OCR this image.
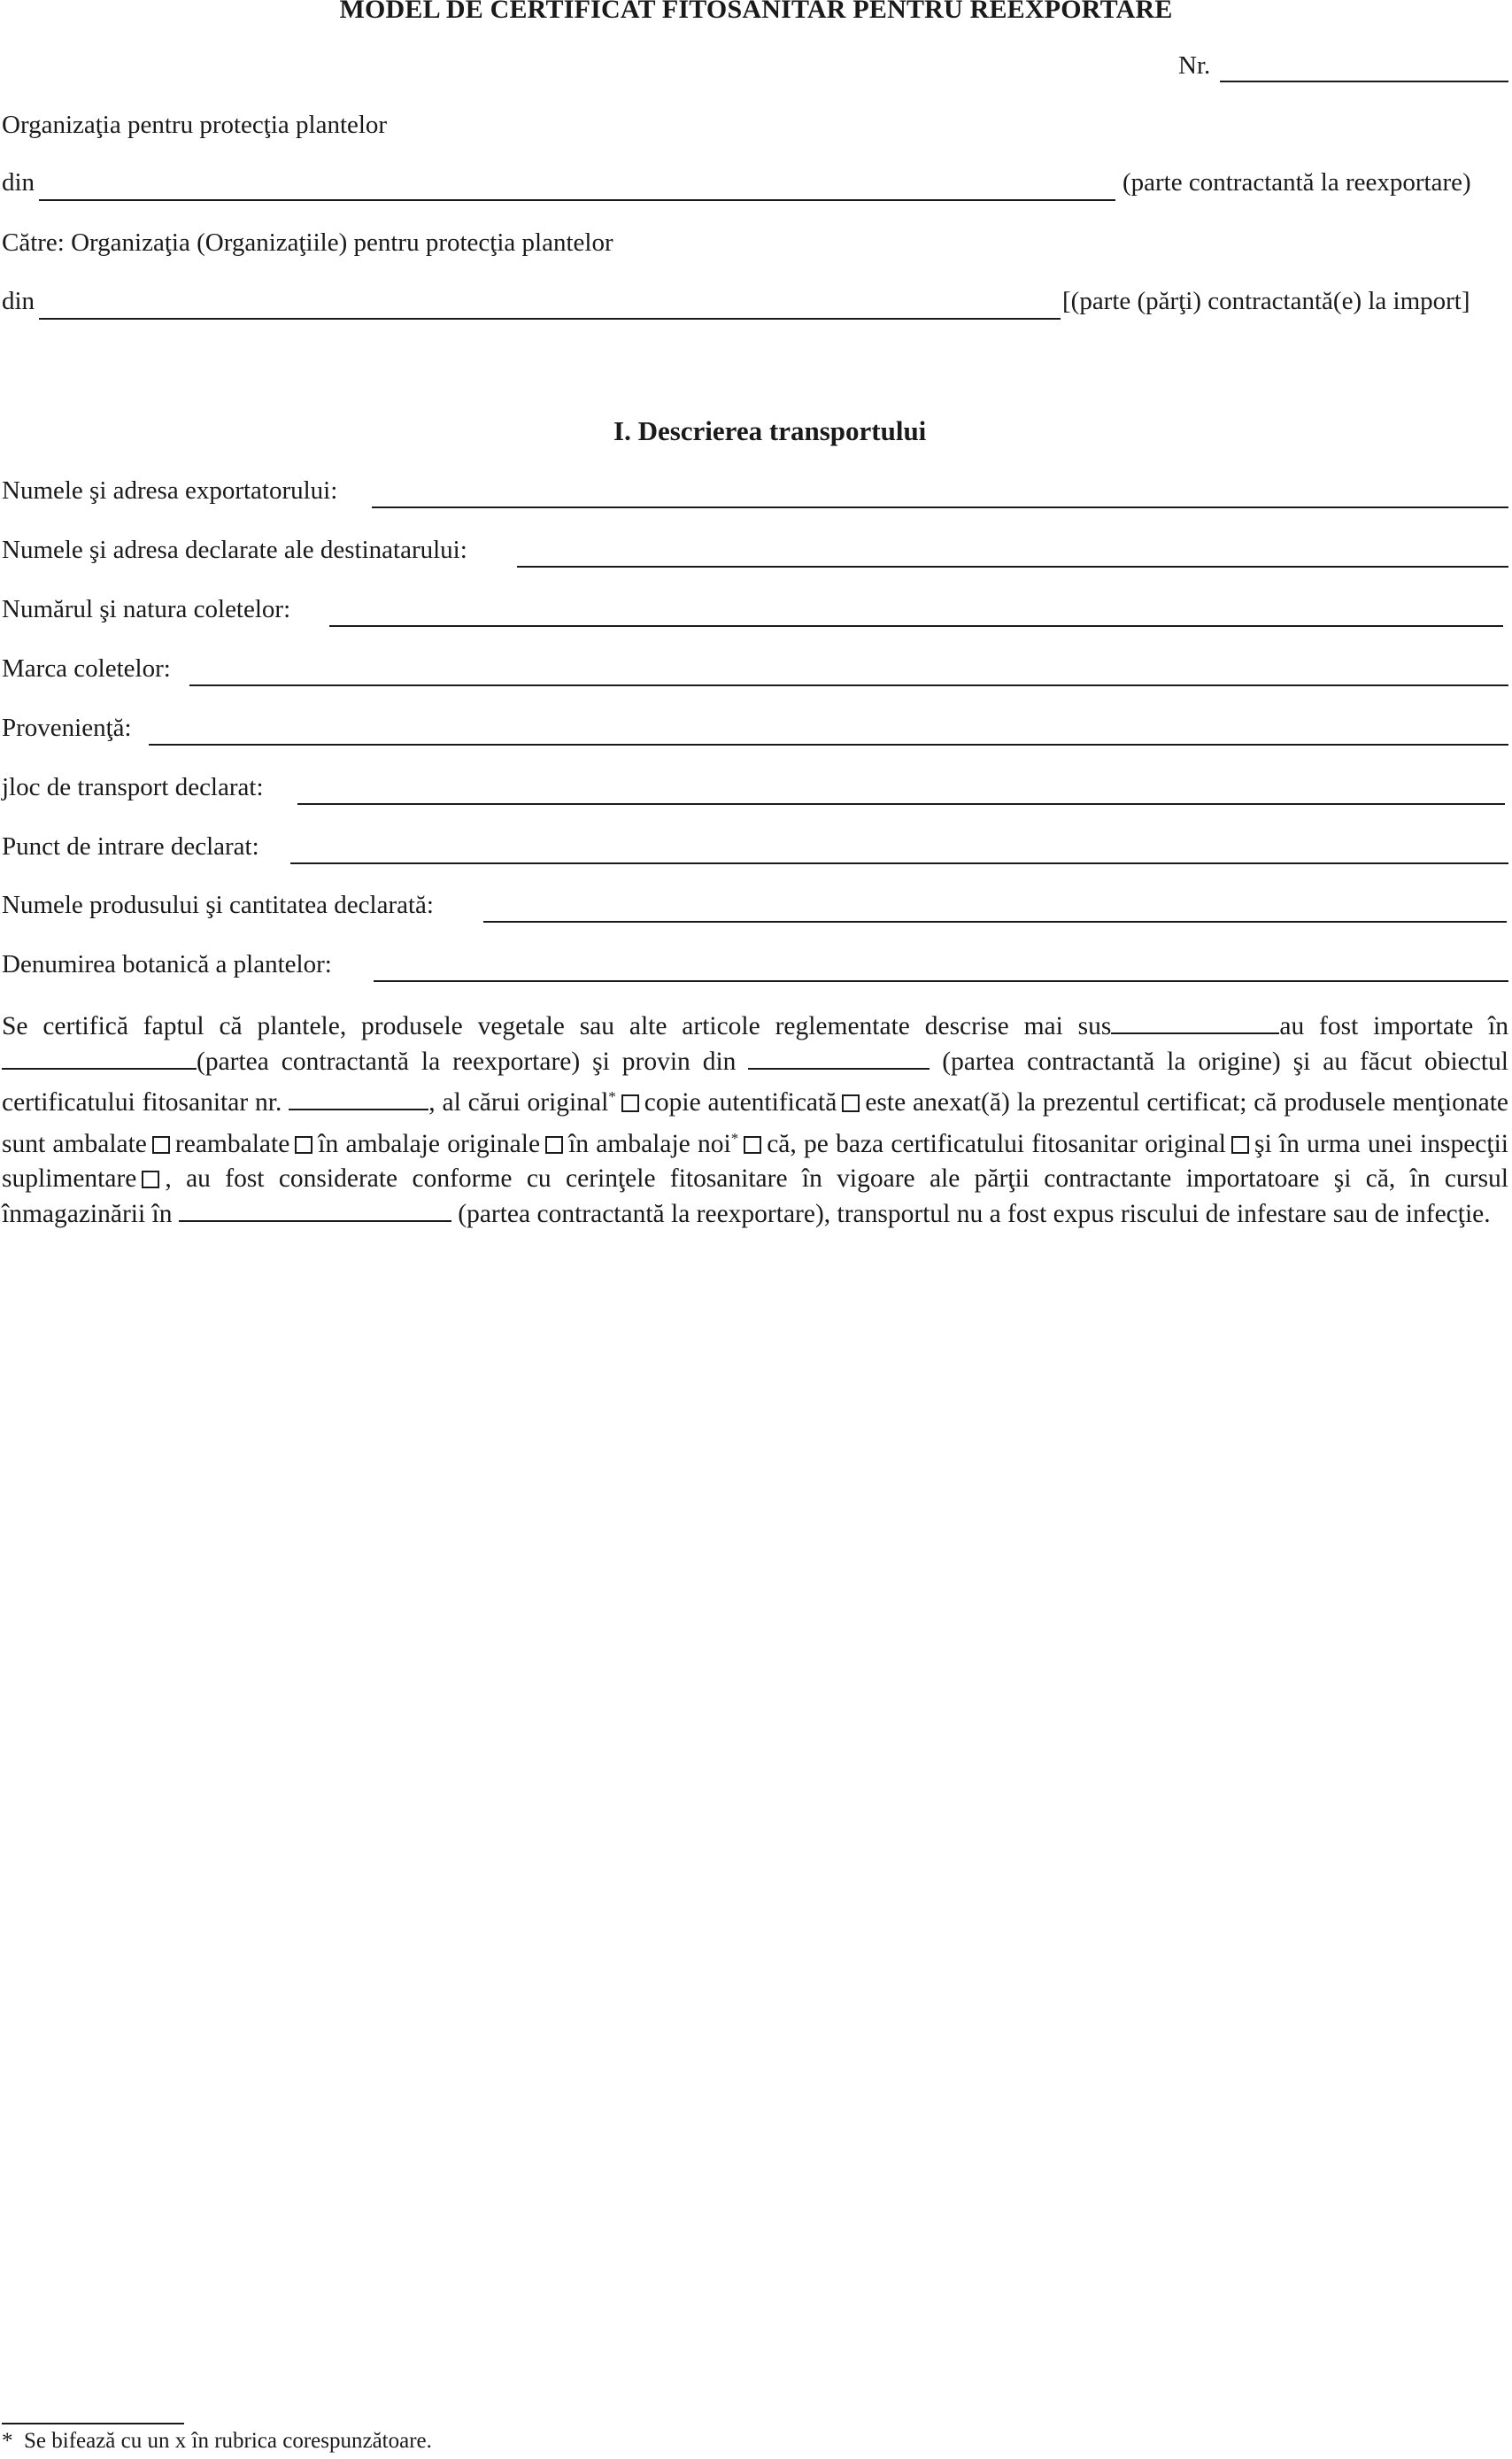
MODEL DE CERTIFICAT FITOSANITAR PENTRU REEXPORTARE
Nr.
Organizaţia pentru protecţia plantelor
din	(parte contractantă la reexportare)
Către: Organizaţia (Organizaţiile) pentru protecţia plantelor
din	[(parte (părţi) contractantă(e) la import]
I. Descrierea transportului
Numele şi adresa exportatorului:
Numele şi adresa declarate ale destinatarului:
Numărul şi natura coletelor:
Marca coletelor:
Provenienţă:
jloc de transport declarat:
Punct de intrare declarat:
Numele produsului şi cantitatea declarată:
Denumirea botanică a plantelor:
Se certifică faptul că plantele, produsele vegetale sau alte articole reglementate descrise mai sus	au fost importate în (partea contractantă la reexportare) şi provin din	(partea contractantă la origine) şi au făcut obiectul certificatului fitosanitar nr.	, al cărui original* copie autentificată este anexat(ă) la prezentul certificat; că produsele menţionate sunt ambalate reambalate în ambalaje originale în ambalaje noi* că, pe baza certificatului fitosanitar original şi în urma unei inspecţii suplimentare , au fost considerate conforme cu cerinţele fitosanitare în vigoare ale părţii contractante importatoare şi că, în cursul înmagazinării în	(partea contractantă la reexportare), transportul nu a fost expus riscului de infestare sau de infecţie.
* Se bifează cu un x în rubrica corespunzătoare.
